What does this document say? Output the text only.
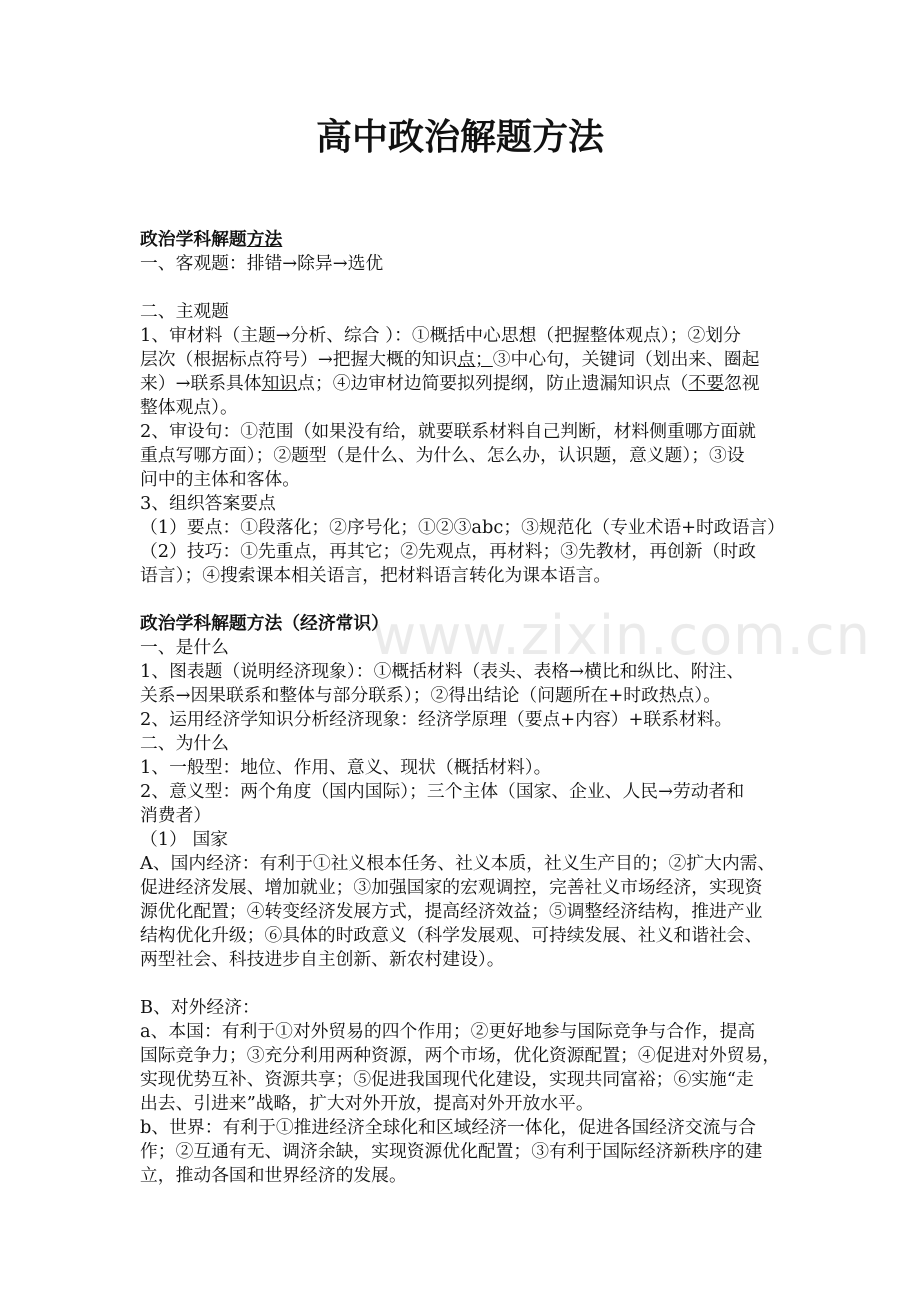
www.zixin.com.cn
高中政治解题方法
政治学科解题方法
一、客观题：排错→除异→选优
二、主观题
1、审材料（主题→分析、综合 ）：①概括中心思想（把握整体观点）；②划分
层次（根据标点符号）→把握大概的知识点；③中心句，关键词（划出来、圈起
来）→联系具体知识点；④边审材边简要拟列提纲，防止遗漏知识点（不要忽视
整体观点）。
2、审设句：①范围（如果没有给，就要联系材料自己判断，材料侧重哪方面就
重点写哪方面）；②题型（是什么、为什么、怎么办，认识题，意义题）；③设
问中的主体和客体。
3、组织答案要点
（1）要点：①段落化；②序号化；①②③abc；③规范化（专业术语+时政语言）
（2）技巧：①先重点，再其它；②先观点，再材料；③先教材，再创新（时政
语言）；④搜索课本相关语言，把材料语言转化为课本语言。
政治学科解题方法（经济常识）
一、是什么
1、图表题（说明经济现象）：①概括材料（表头、表格→横比和纵比、附注、
关系→因果联系和整体与部分联系）；②得出结论（问题所在+时政热点）。
2、运用经济学知识分析经济现象：经济学原理（要点+内容）+联系材料。
二、为什么
1、一般型：地位、作用、意义、现状（概括材料）。
2、意义型：两个角度（国内国际）；三个主体（国家、企业、人民→劳动者和
消费者）
（1） 国家
A、国内经济：有利于①社义根本任务、社义本质，社义生产目的；②扩大内需、
促进经济发展、增加就业；③加强国家的宏观调控，完善社义市场经济，实现资
源优化配置；④转变经济发展方式，提高经济效益；⑤调整经济结构，推进产业
结构优化升级；⑥具体的时政意义（科学发展观、可持续发展、社义和谐社会、
两型社会、科技进步自主创新、新农村建设）。
B、对外经济：
a、本国：有利于①对外贸易的四个作用；②更好地参与国际竞争与合作，提高
国际竞争力；③充分利用两种资源，两个市场，优化资源配置；④促进对外贸易，
实现优势互补、资源共享；⑤促进我国现代化建设，实现共同富裕；⑥实施“走
出去、引进来”战略，扩大对外开放，提高对外开放水平。
b、世界：有利于①推进经济全球化和区域经济一体化，促进各国经济交流与合
作；②互通有无、调济余缺，实现资源优化配置；③有利于国际经济新秩序的建
立，推动各国和世界经济的发展。
